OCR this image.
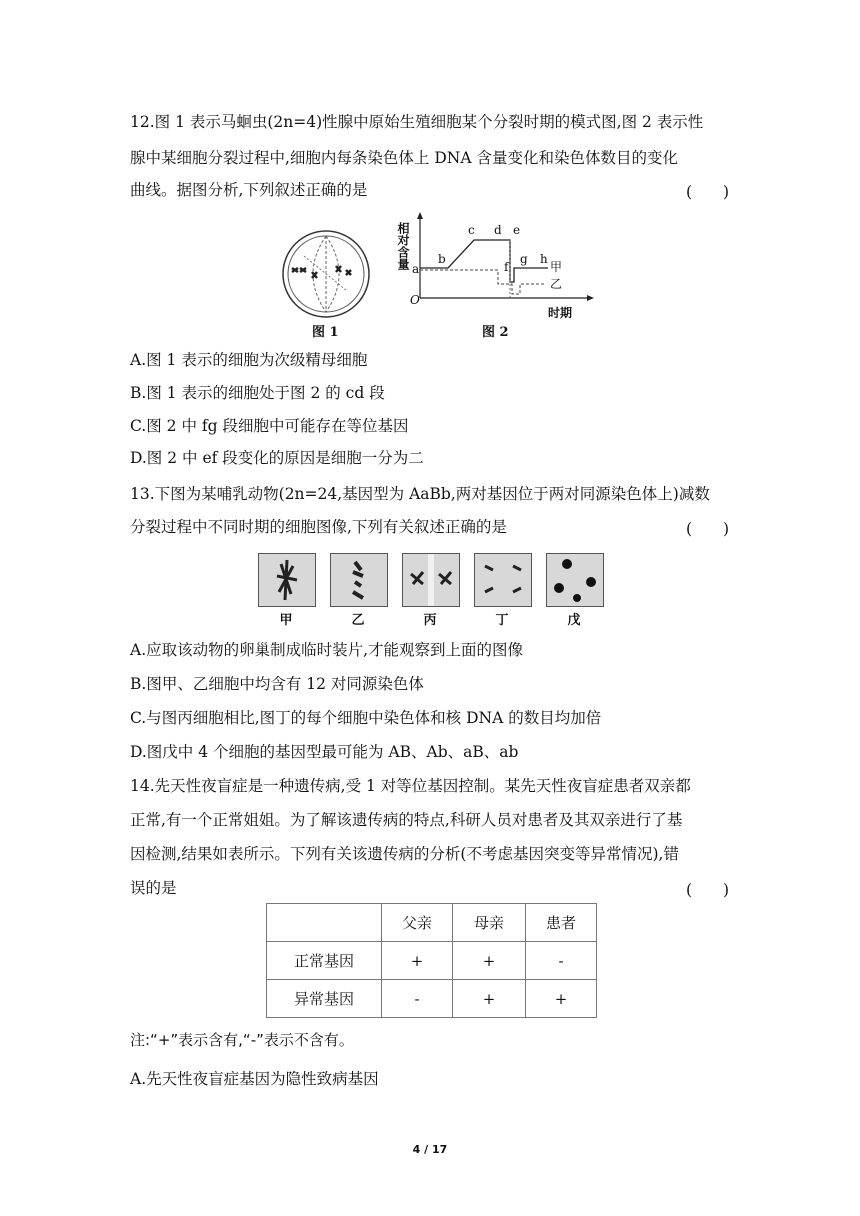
12.图 1 表示马蛔虫(2n=4)性腺中原始生殖细胞某个分裂时期的模式图,图 2 表示性
腺中某细胞分裂过程中,细胞内每条染色体上 DNA 含量变化和染色体数目的变化
曲线。据图分析,下列叙述正确的是	(　　)
图 1
相对含量
O
时期
a
b
c d e
f
g h
甲
乙
图 2
A.图 1 表示的细胞为次级精母细胞
B.图 1 表示的细胞处于图 2 的 cd 段
C.图 2 中 fg 段细胞中可能存在等位基因
D.图 2 中 ef 段变化的原因是细胞一分为二
13.下图为某哺乳动物(2n=24,基因型为 AaBb,两对基因位于两对同源染色体上)减数
分裂过程中不同时期的细胞图像,下列有关叙述正确的是	(　　)
甲	乙	丙	丁	戊
A.应取该动物的卵巢制成临时装片,才能观察到上面的图像
B.图甲、乙细胞中均含有 12 对同源染色体
C.与图丙细胞相比,图丁的每个细胞中染色体和核 DNA 的数目均加倍
D.图戊中 4 个细胞的基因型最可能为 AB、Ab、aB、ab
14.先天性夜盲症是一种遗传病,受 1 对等位基因控制。某先天性夜盲症患者双亲都
正常,有一个正常姐姐。为了解该遗传病的特点,科研人员对患者及其双亲进行了基
因检测,结果如表所示。下列有关该遗传病的分析(不考虑基因突变等异常情况),错
误的是	(　　)
	父亲	母亲	患者
正常基因	+	+	-
异常基因	-	+	+
注:“+”表示含有,“-”表示不含有。
A.先天性夜盲症基因为隐性致病基因
4 / 17
